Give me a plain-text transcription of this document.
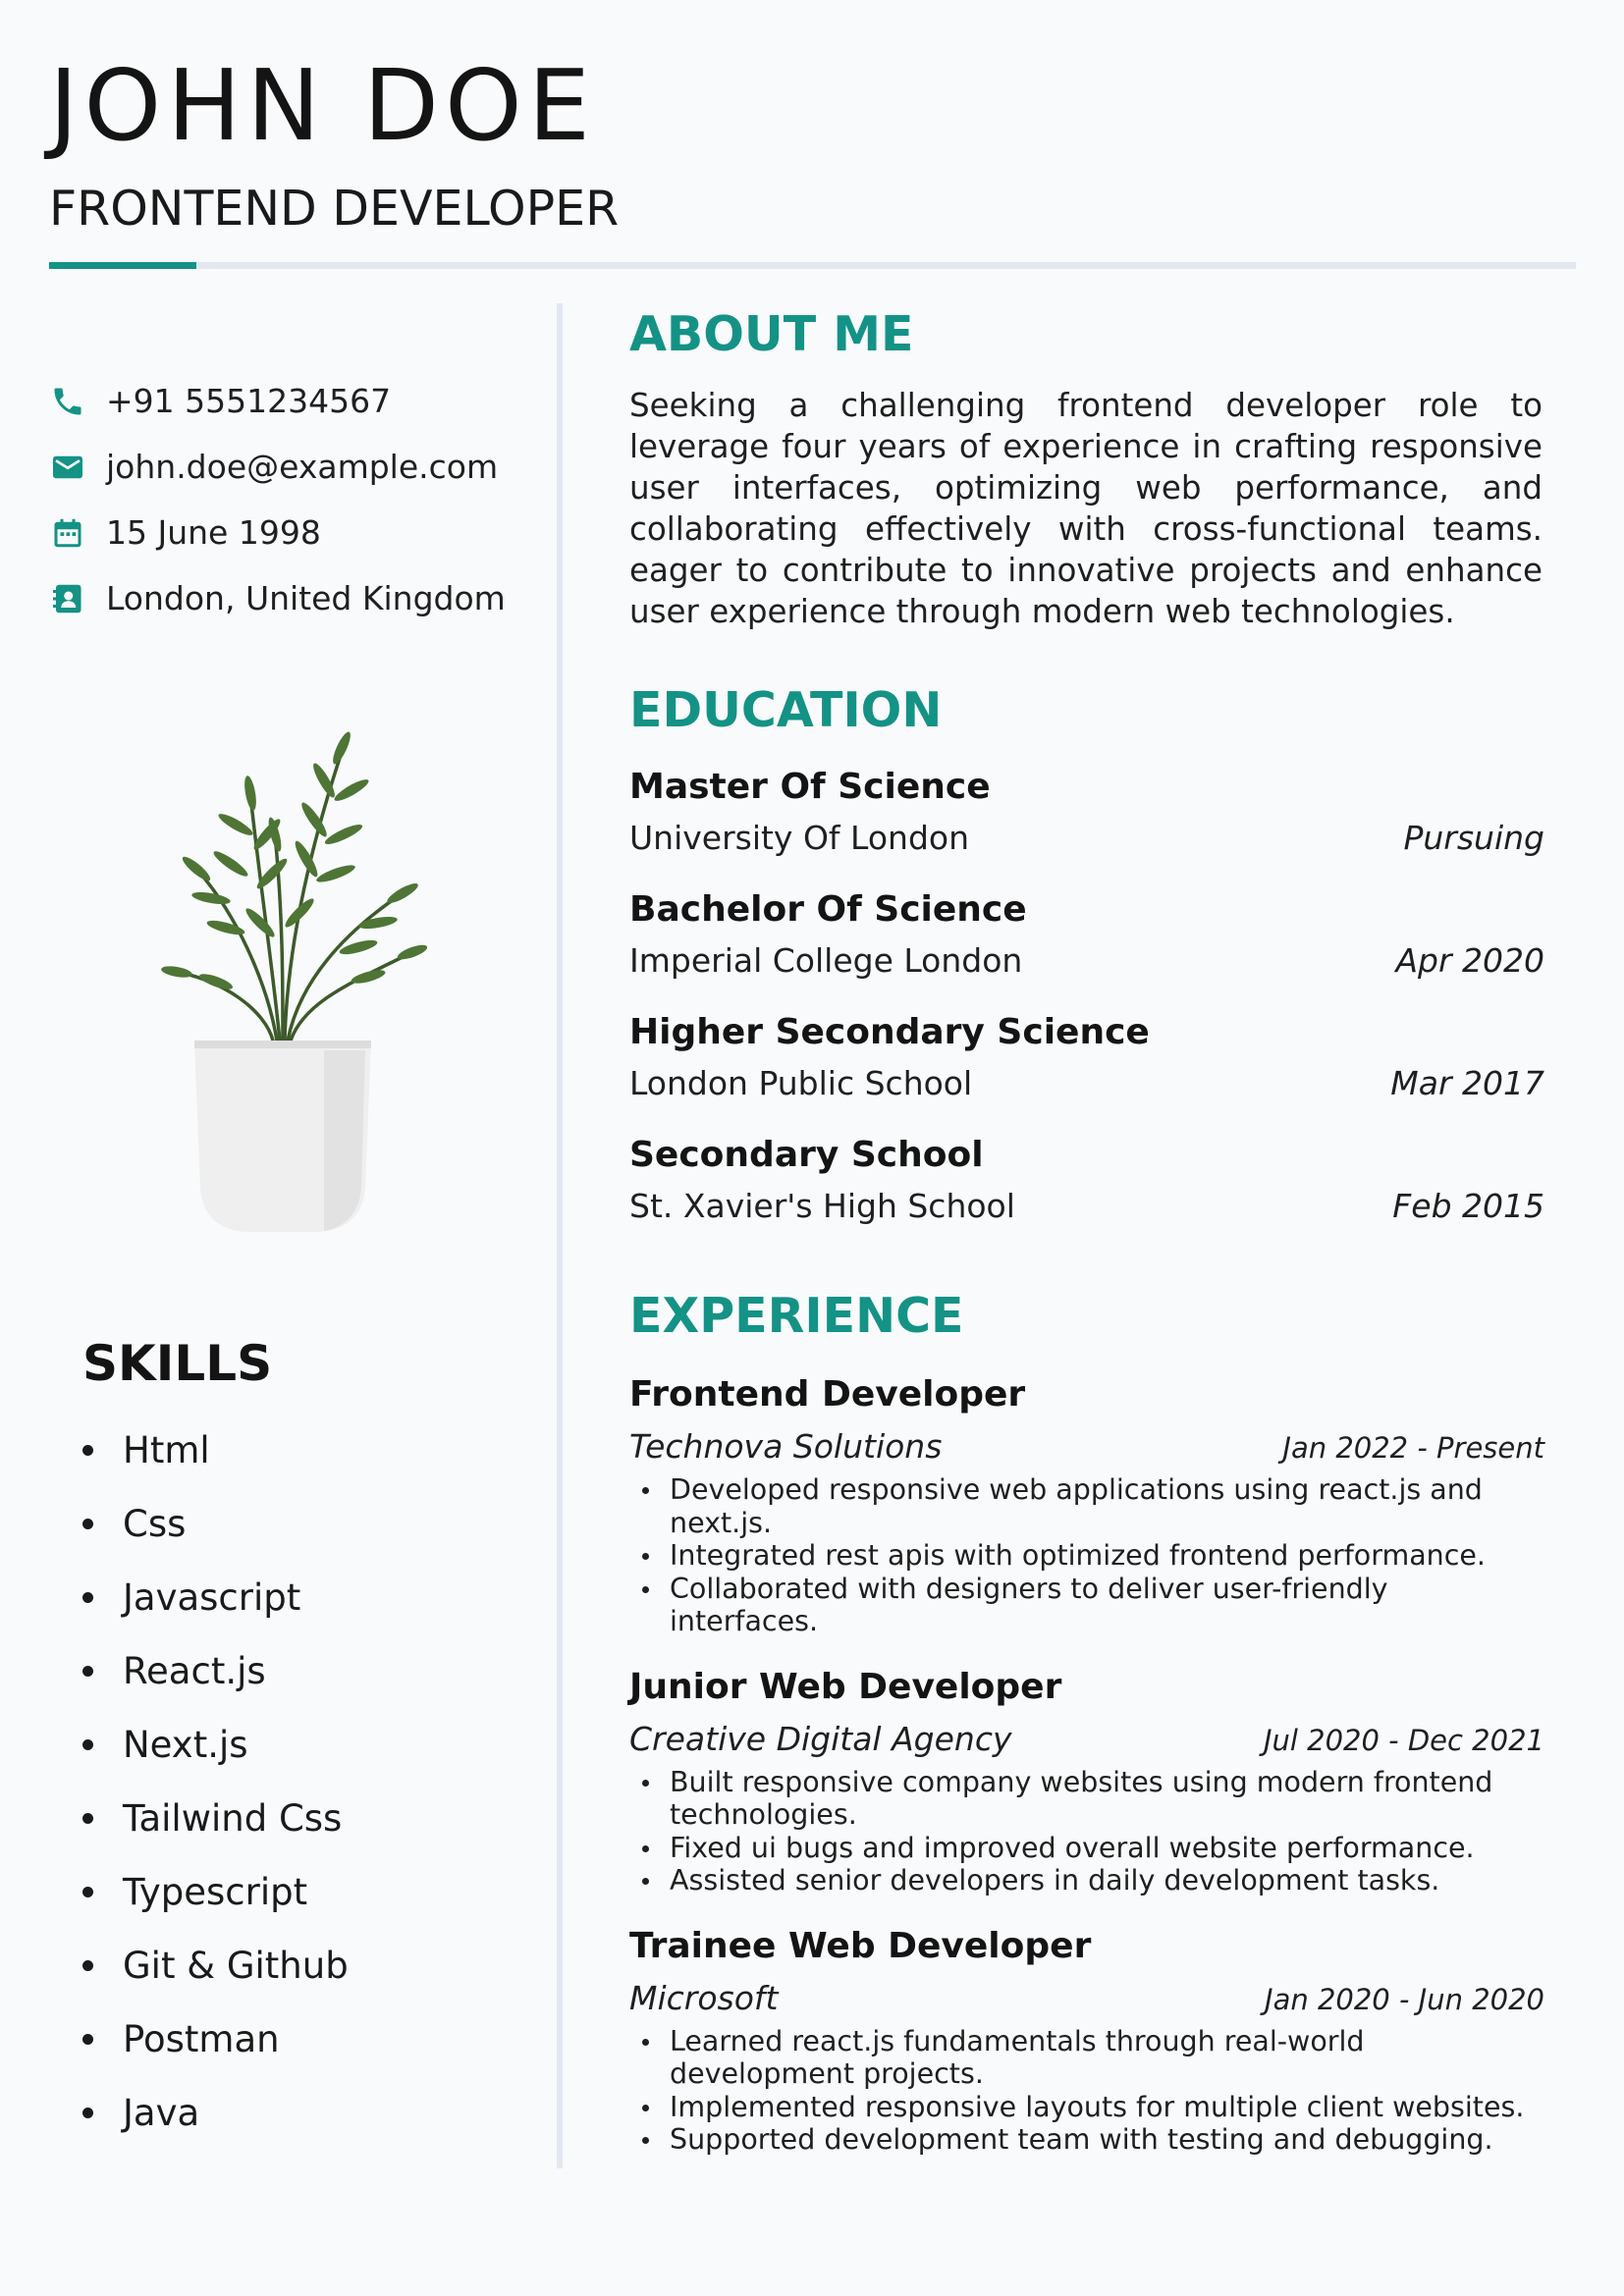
JOHN DOE
FRONTEND DEVELOPER
+91 5551234567
john.doe@example.com
15 June 1998
London, United Kingdom
SKILLS
Html
Css
Javascript
React.js
Next.js
Tailwind Css
Typescript
Git & Github
Postman
Java
ABOUT ME

Seeking a challenging frontend developer role to leverage four years of experience in crafting responsive user interfaces, optimizing web performance, and collaborating effectively with cross-functional teams. eager to contribute to innovative projects and enhance user experience through modern web technologies.

EDUCATION
Master Of Science
University Of London	Pursuing
Bachelor Of Science
Imperial College London	Apr 2020
Higher Secondary Science
London Public School	Mar 2017
Secondary School
St. Xavier's High School	Feb 2015
EXPERIENCE
Frontend Developer
Technova Solutions	Jan 2022 - Present
Developed responsive web applications using react.js and next.js.
Integrated rest apis with optimized frontend performance.
Collaborated with designers to deliver user-friendly interfaces.
Junior Web Developer
Creative Digital Agency	Jul 2020 - Dec 2021
Built responsive company websites using modern frontend technologies.
Fixed ui bugs and improved overall website performance.
Assisted senior developers in daily development tasks.
Trainee Web Developer
Microsoft	Jan 2020 - Jun 2020
Learned react.js fundamentals through real-world development projects.
Implemented responsive layouts for multiple client websites.
Supported development team with testing and debugging.
